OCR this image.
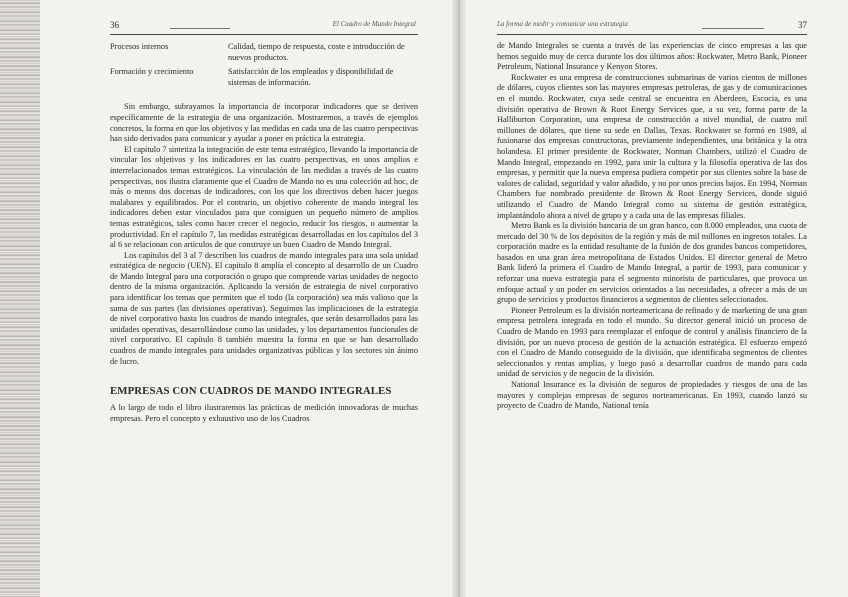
36	El Cuadro de Mando Integral
Procesos internos	Calidad, tiempo de respuesta, coste e introducción de nuevos productos.
Formación y crecimiento	Satisfacción de los empleados y disponibilidad de sistemas de información.

Sin embargo, subrayamos la importancia de incorporar indicadores que se deriven específicamente de la estrategia de una organización. Mostraremos, a través de ejemplos concretos, la forma en que los objetivos y las medidas en cada una de las cuatro perspectivas han sido derivados para comunicar y ayudar a poner en práctica la estrategia.

El capítulo 7 sintetiza la integración de este tema estratégico, llevando la importancia de vincular los objetivos y los indicadores en las cuatro perspectivas, en unos amplios e interrelacionados temas estratégicos. La vinculación de las medidas a través de las cuatro perspectivas, nos ilustra claramente que el Cuadro de Mando no es una colección ad hoc, de más o menos dos docenas de indicadores, con los que los directivos deben hacer juegos malabares y equilibrados. Por el contrario, un objetivo coherente de mando integral los indicadores deben estar vinculados para que consiguen un pequeño número de amplios temas estratégicos, tales como hacer crecer el negocio, reducir los riesgos, o aumentar la productividad. En el capítulo 7, las medidas estratégicas desarrolladas en los capítulos del 3 al 6 se relacionan con artículos de que construye un buen Cuadro de Mando Integral.

Los capítulos del 3 al 7 describen los cuadros de mando integrales para una sola unidad estratégica de negocio (UEN). El capítulo 8 amplía el concepto al desarrollo de un Cuadro de Mando Integral para una corporación o grupo que comprende varias unidades de negocio dentro de la misma organización. Aplicando la versión de estrategia de nivel corporativo para identificar los temas que permiten que el todo (la corporación) sea más valioso que la suma de sus partes (las divisiones operativas). Seguimos las implicaciones de la estrategia de nivel corporativo hasta los cuadros de mando integrales, que serán desarrollados para las unidades operativas, desarrollándose como las unidades, y los departamentos funcionales de nivel corporativo. El capítulo 8 también muestra la forma en que se han desarrollado cuadros de mando integrales para unidades organizativas públicas y los sectores sin ánimo de lucro.

EMPRESAS CON CUADROS DE MANDO INTEGRALES

A lo largo de todo el libro ilustraremos las prácticas de medición innovadoras de muchas empresas. Pero el concepto y exhaustivo uso de los Cuadros

La forma de medir y comunicar una estrategia	37

de Mando Integrales se cuenta a través de las experiencias de cinco empresas a las que hemos seguido muy de cerca durante los dos últimos años: Rockwater, Metro Bank, Pioneer Petroleum, National Insurance y Kenyon Stores.

Rockwater es una empresa de construcciones submarinas de varios cientos de millones de dólares, cuyos clientes son las mayores empresas petroleras, de gas y de comunicaciones en el mundo. Rockwater, cuya sede central se encuentra en Aberdeen, Escocia, es una división operativa de Brown & Root Energy Services que, a su vez, forma parte de la Halliburton Corporation, una empresa de construcción a nivel mundial, de cuatro mil millones de dólares, que tiene su sede en Dallas, Texas. Rockwater se formó en 1989, al fusionarse dos empresas constructoras, previamente independientes, una británica y la otra holandesa. El primer presidente de Rockwater, Norman Chambers, utilizó el Cuadro de Mando Integral, empezando en 1992, para unir la cultura y la filosofía operativa de las dos empresas, y permitir que la nueva empresa pudiera competir por sus clientes sobre la base de valores de calidad, seguridad y valor añadido, y no por unos precios bajos. En 1994, Norman Chambers fue nombrado presidente de Brown & Root Energy Services, donde siguió utilizando el Cuadro de Mando Integral como su sistema de gestión estratégica, implantándolo ahora a nivel de grupo y a cada una de las empresas filiales.

Metro Bank es la división bancaria de un gran banco, con 8.000 empleados, una cuota de mercado del 30 % de los depósitos de la región y más de mil millones en ingresos totales. La corporación madre es la entidad resultante de la fusión de dos grandes bancos competidores, basados en una gran área metropolitana de Estados Unidos. El director general de Metro Bank lideró la primera el Cuadro de Mando Integral, a partir de 1993, para comunicar y reforzar una nueva estrategia para el segmento minorista de particulares, que provoca un enfoque actual y un poder en servicios orientados a las necesidades, a ofrecer a más de un grupo de servicios y productos financieros a segmentos de clientes seleccionados.

Pioneer Petroleum es la división norteamericana de refinado y de marketing de una gran empresa petrolera integrada en todo el mundo. Su director general inició un proceso de Cuadro de Mando en 1993 para reemplazar el enfoque de control y análisis financiero de la división, por un nuevo proceso de gestión de la actuación estratégica. El esfuerzo empezó con el Cuadro de Mando conseguido de la división, que identificaba segmentos de clientes seleccionados y rentas amplias, y luego pasó a desarrollar cuadros de mando para cada unidad de servicios y de negocio de la división.

National Insurance es la división de seguros de propiedades y riesgos de una de las mayores y complejas empresas de seguros norteamericanas. En 1993, cuando lanzó su proyecto de Cuadro de Mando, National tenía
